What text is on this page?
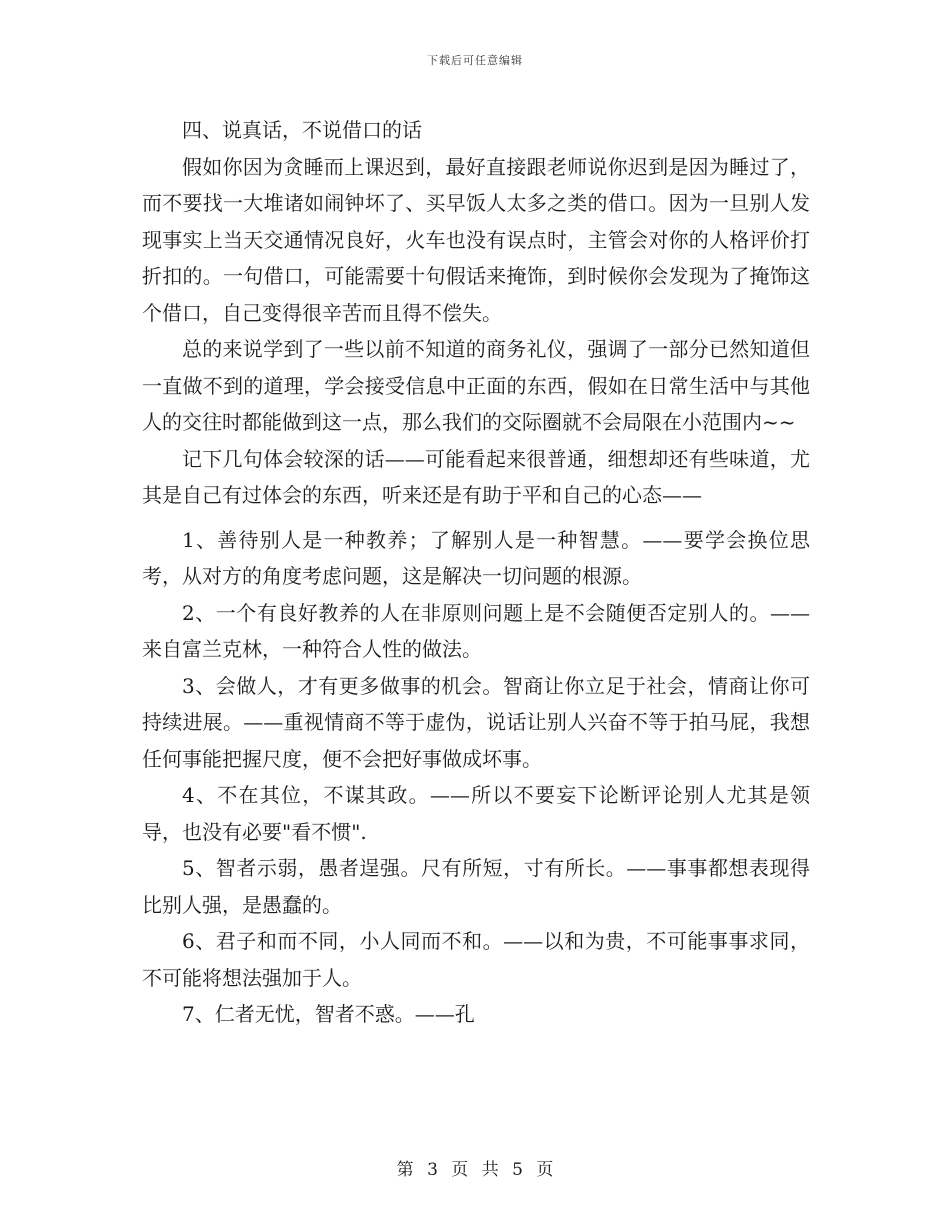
下载后可任意编辑

四、说真话，不说借口的话

假如你因为贪睡而上课迟到，最好直接跟老师说你迟到是因为睡过了，而不要找一大堆诸如闹钟坏了、买早饭人太多之类的借口。因为一旦别人发现事实上当天交通情况良好，火车也没有误点时，主管会对你的人格评价打折扣的。一句借口，可能需要十句假话来掩饰，到时候你会发现为了掩饰这个借口，自己变得很辛苦而且得不偿失。

总的来说学到了一些以前不知道的商务礼仪，强调了一部分已然知道但一直做不到的道理，学会接受信息中正面的东西，假如在日常生活中与其他人的交往时都能做到这一点，那么我们的交际圈就不会局限在小范围内~~

记下几句体会较深的话——可能看起来很普通，细想却还有些味道，尤其是自己有过体会的东西，听来还是有助于平和自己的心态——

1、善待别人是一种教养；了解别人是一种智慧。——要学会换位思考，从对方的角度考虑问题，这是解决一切问题的根源。

2、一个有良好教养的人在非原则问题上是不会随便否定别人的。——来自富兰克林，一种符合人性的做法。

3、会做人，才有更多做事的机会。智商让你立足于社会，情商让你可持续进展。——重视情商不等于虚伪，说话让别人兴奋不等于拍马屁，我想任何事能把握尺度，便不会把好事做成坏事。

4、不在其位，不谋其政。——所以不要妄下论断评论别人尤其是领导，也没有必要"看不惯".

5、智者示弱，愚者逞强。尺有所短，寸有所长。——事事都想表现得比别人强，是愚蠢的。

6、君子和而不同，小人同而不和。——以和为贵，不可能事事求同，不可能将想法强加于人。

7、仁者无忧，智者不惑。——孔

第 3 页 共 5 页
